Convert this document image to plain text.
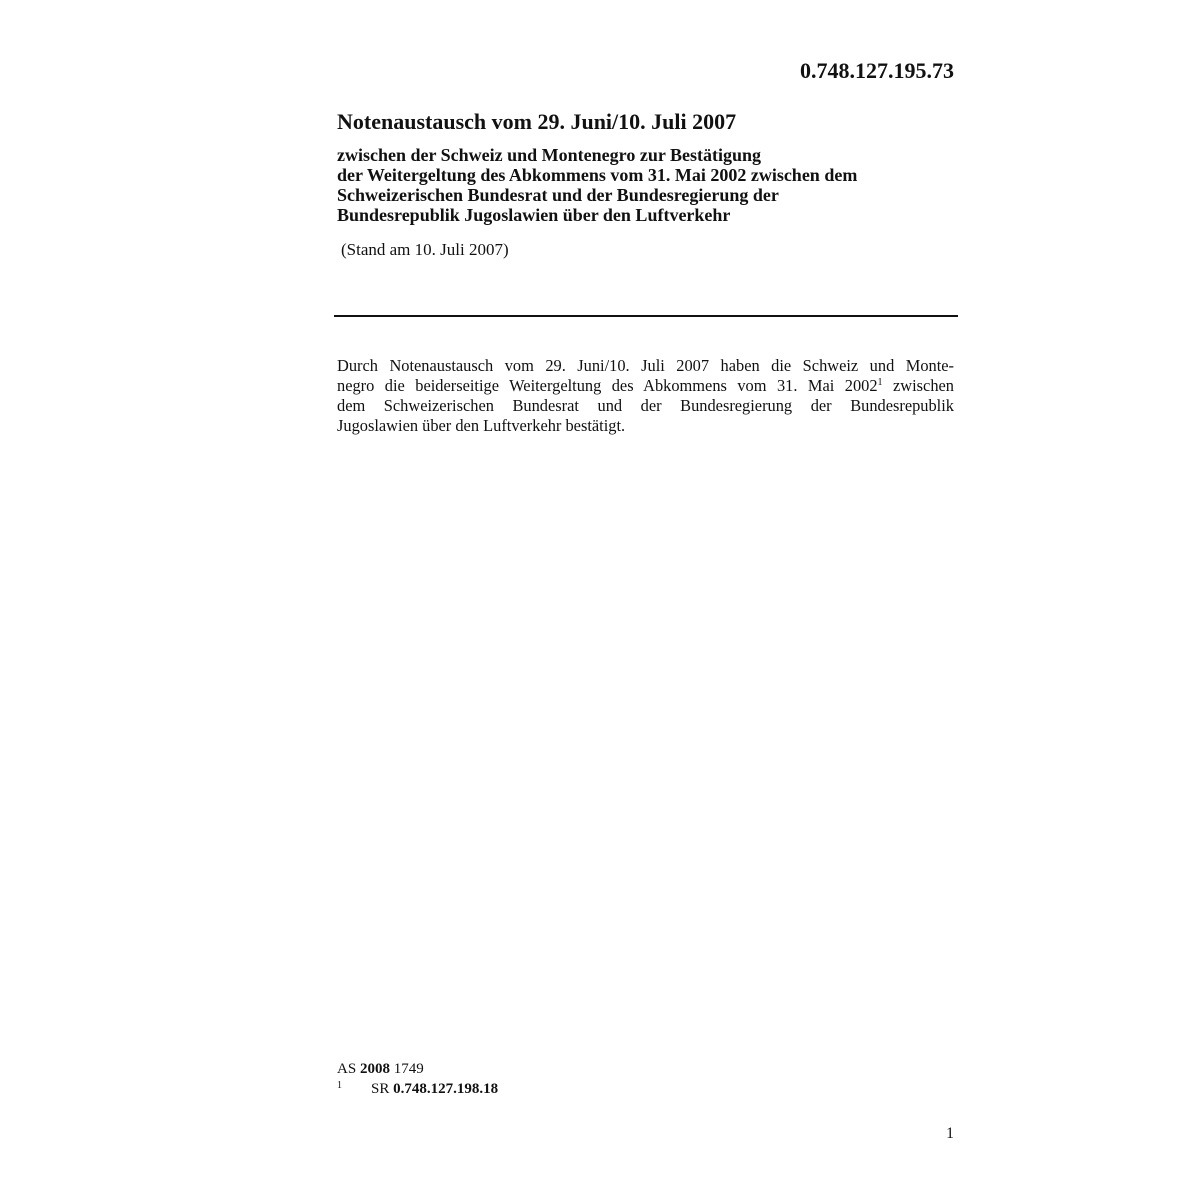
0.748.127.195.73
Notenaustausch vom 29. Juni/10. Juli 2007
zwischen der Schweiz und Montenegro zur Bestätigung
der Weitergeltung des Abkommens vom 31. Mai 2002 zwischen dem
Schweizerischen Bundesrat und der Bundesregierung der
Bundesrepublik Jugoslawien über den Luftverkehr
(Stand am 10. Juli 2007)
Durch Notenaustausch vom 29. Juni/10. Juli 2007 haben die Schweiz und Monte-
negro die beiderseitige Weitergeltung des Abkommens vom 31. Mai 2002$^1$ zwischen
dem Schweizerischen Bundesrat und der Bundesregierung der Bundesrepublik
Jugoslawien über den Luftverkehr bestätigt.
AS 2008 1749
1 SR 0.748.127.198.18
1
